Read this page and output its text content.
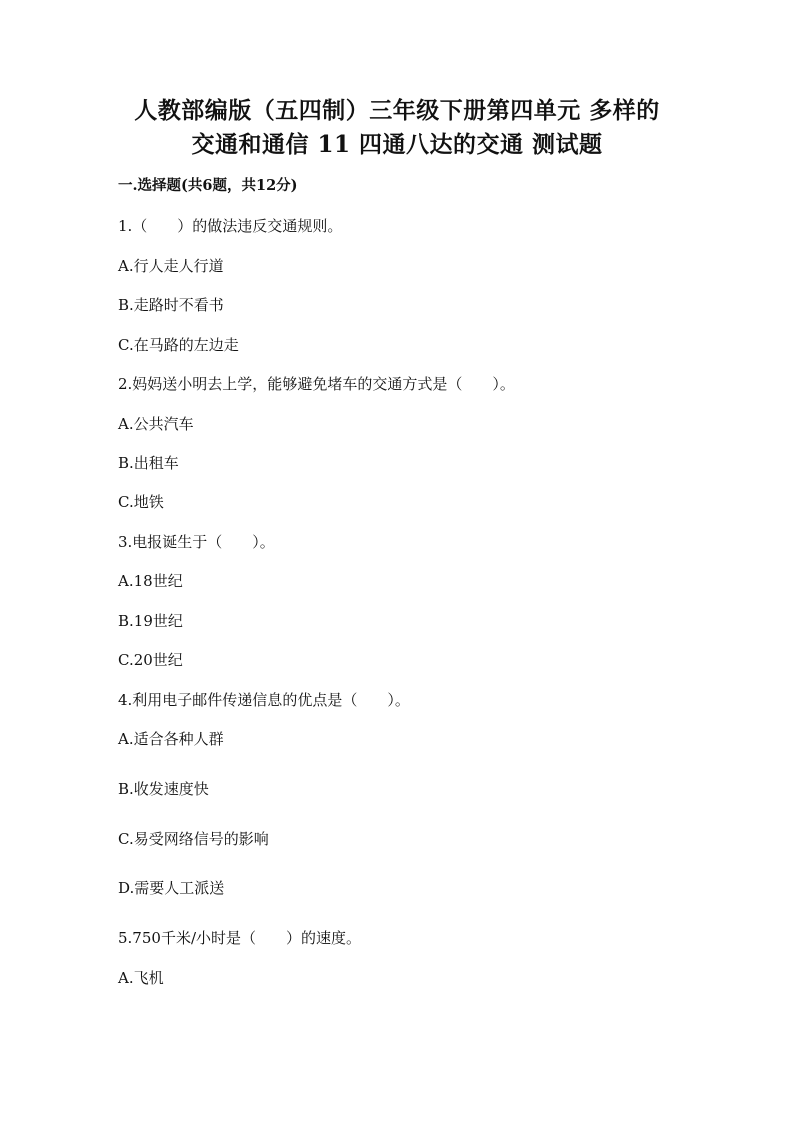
人教部编版（五四制）三年级下册第四单元 多样的
交通和通信 11 四通八达的交通 测试题
一.选择题(共6题，共12分)
1.（　　）的做法违反交通规则。
A.行人走人行道
B.走路时不看书
C.在马路的左边走
2.妈妈送小明去上学，能够避免堵车的交通方式是（　　）。
A.公共汽车
B.出租车
C.地铁
3.电报诞生于（　　）。
A.18世纪
B.19世纪
C.20世纪
4.利用电子邮件传递信息的优点是（　　）。
A.适合各种人群
B.收发速度快
C.易受网络信号的影响
D.需要人工派送
5.750千米/小时是（　　）的速度。
A.飞机
